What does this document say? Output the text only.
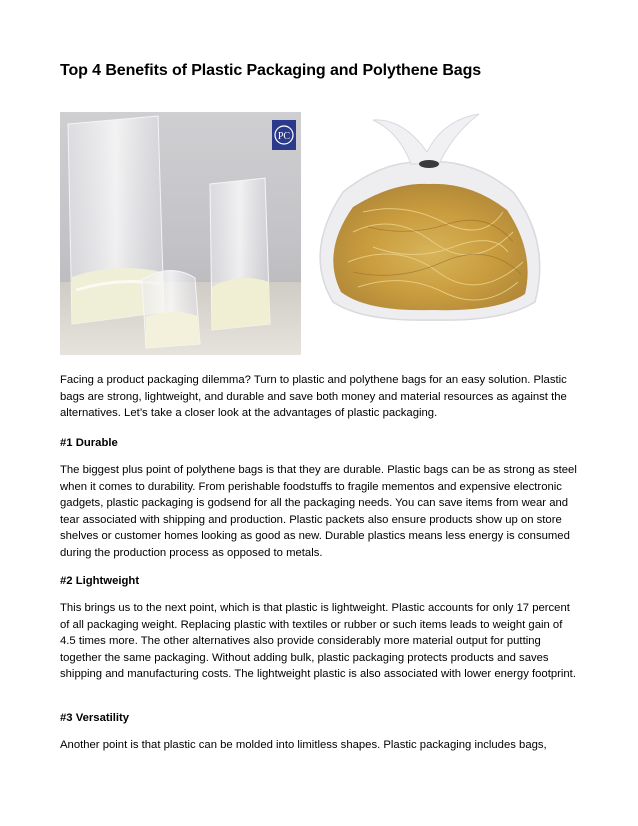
Top 4 Benefits of Plastic Packaging and Polythene Bags
PC

Facing a product packaging dilemma? Turn to plastic and polythene bags for an easy solution. Plastic bags are strong, lightweight, and durable and save both money and material resources as against the alternatives. Let’s take a closer look at the advantages of plastic packaging.

#1 Durable

The biggest plus point of polythene bags is that they are durable. Plastic bags can be as strong as steel when it comes to durability. From perishable foodstuffs to fragile mementos and expensive electronic gadgets, plastic packaging is godsend for all the packaging needs. You can save items from wear and tear associated with shipping and production. Plastic packets also ensure products show up on store shelves or customer homes looking as good as new. Durable plastics means less energy is consumed during the production process as opposed to metals.

#2 Lightweight

This brings us to the next point, which is that plastic is lightweight. Plastic accounts for only 17 percent of all packaging weight. Replacing plastic with textiles or rubber or such items leads to weight gain of 4.5 times more. The other alternatives also provide considerably more material output for putting together the same packaging. Without adding bulk, plastic packaging protects products and saves shipping and manufacturing costs. The lightweight plastic is also associated with lower energy footprint.

#3 Versatility

Another point is that plastic can be molded into limitless shapes. Plastic packaging includes bags,
